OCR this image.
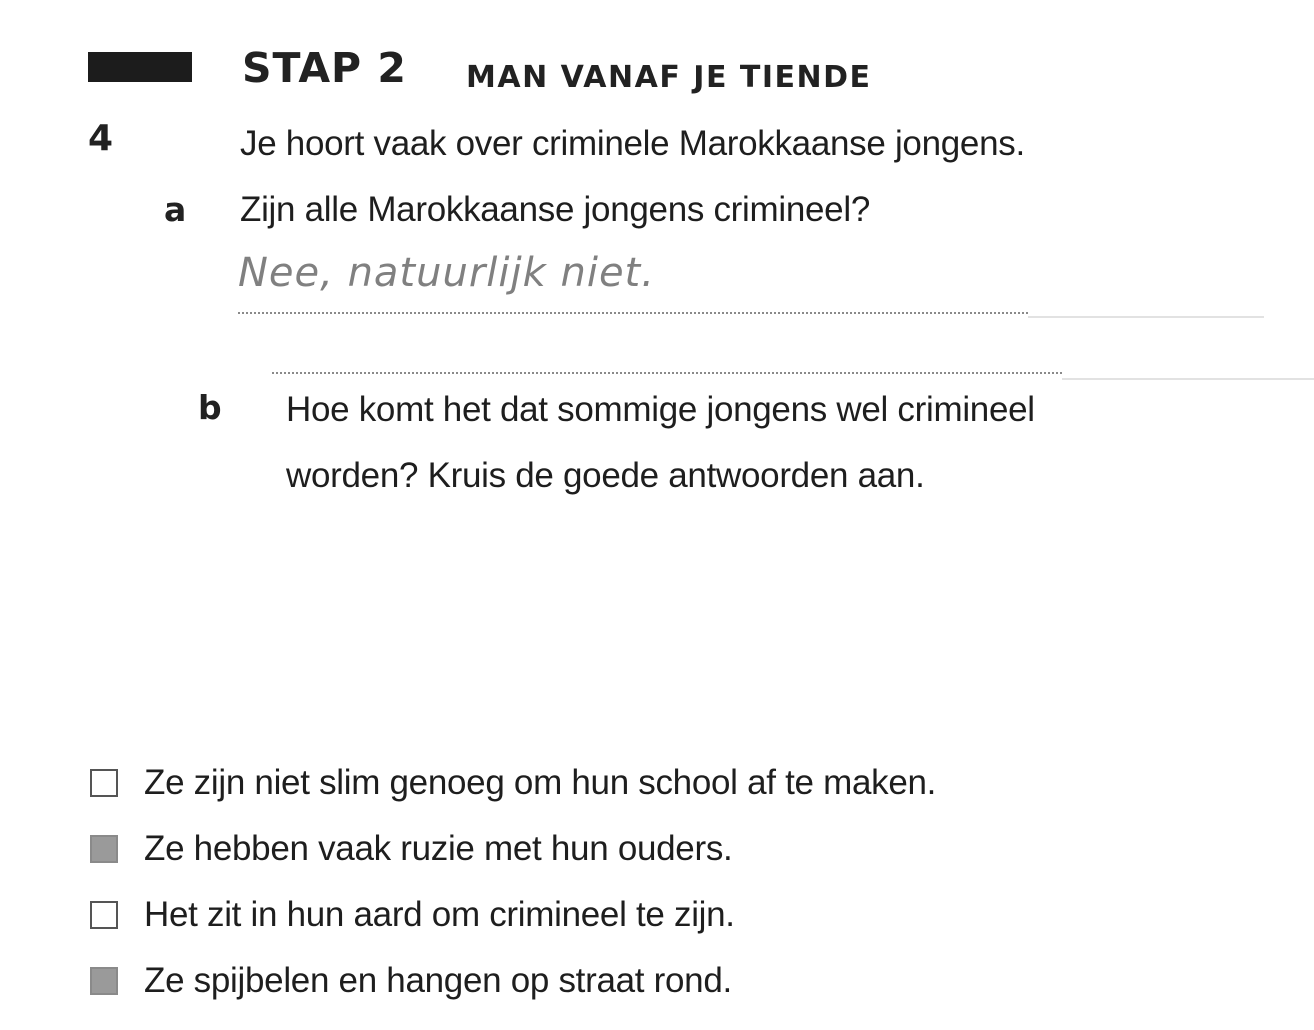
STAP 2 MAN VANAF JE TIENDE
4	Je hoort vaak over criminele Marokkaanse jongens.
a Zijn alle Marokkaanse jongens crimineel?
Nee, natuurlijk niet.
b Hoe komt het dat sommige jongens wel crimineel
worden? Kruis de goede antwoorden aan.
Ze zijn niet slim genoeg om hun school af te maken.
Ze hebben vaak ruzie met hun ouders.
Het zit in hun aard om crimineel te zijn.
Ze spijbelen en hangen op straat rond.
